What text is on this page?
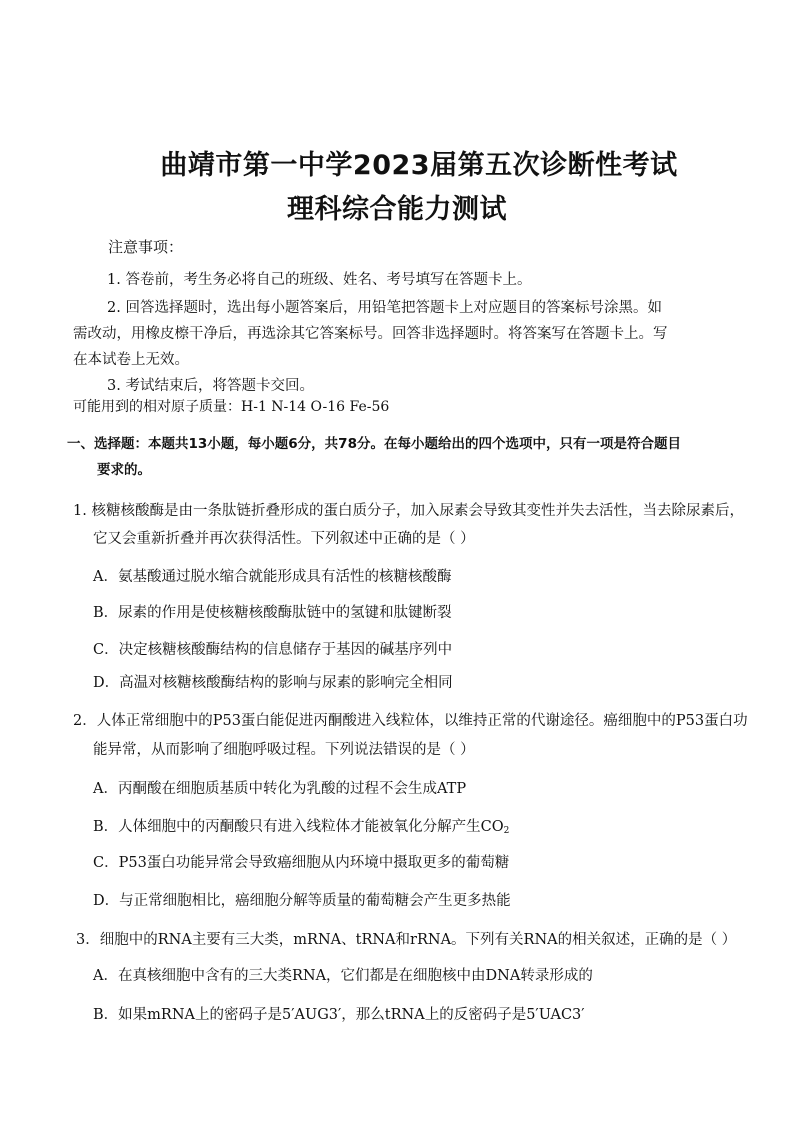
曲靖市第一中学2023届第五次诊断性考试
理科综合能力测试
注意事项：
1. 答卷前，考生务必将自己的班级、姓名、考号填写在答题卡上。
2. 回答选择题时，选出每小题答案后，用铅笔把答题卡上对应题目的答案标号涂黑。如
需改动，用橡皮檫干净后，再选涂其它答案标号。回答非选择题时。将答案写在答题卡上。写
在本试卷上无效。
3. 考试结束后，将答题卡交回。
可能用到的相对原子质量：H-1 N-14 O-16 Fe-56
一、选择题：本题共13小题，每小题6分，共78分。在每小题给出的四个选项中，只有一项是符合题目
要求的。
1. 核糖核酸酶是由一条肽链折叠形成的蛋白质分子，加入尿素会导致其变性并失去活性，当去除尿素后，
它又会重新折叠并再次获得活性。下列叙述中正确的是（ ）
A．氨基酸通过脱水缩合就能形成具有活性的核糖核酸酶
B．尿素的作用是使核糖核酸酶肽链中的氢键和肽键断裂
C．决定核糖核酸酶结构的信息储存于基因的碱基序列中
D．高温对核糖核酸酶结构的影响与尿素的影响完全相同
2．人体正常细胞中的P53蛋白能促进丙酮酸进入线粒体，以维持正常的代谢途径。癌细胞中的P53蛋白功
能异常，从而影响了细胞呼吸过程。下列说法错误的是（ ）
A．丙酮酸在细胞质基质中转化为乳酸的过程不会生成ATP
B．人体细胞中的丙酮酸只有进入线粒体才能被氧化分解产生$CO_2$
C．P53蛋白功能异常会导致癌细胞从内环境中摄取更多的葡萄糖
D．与正常细胞相比，癌细胞分解等质量的葡萄糖会产生更多热能
3．细胞中的RNA主要有三大类，mRNA、tRNA和rRNA。下列有关RNA的相关叙述，正确的是（ ）
A．在真核细胞中含有的三大类RNA，它们都是在细胞核中由DNA转录形成的
B．如果mRNA上的密码子是5′AUG3′，那么tRNA上的反密码子是5′UAC3′
